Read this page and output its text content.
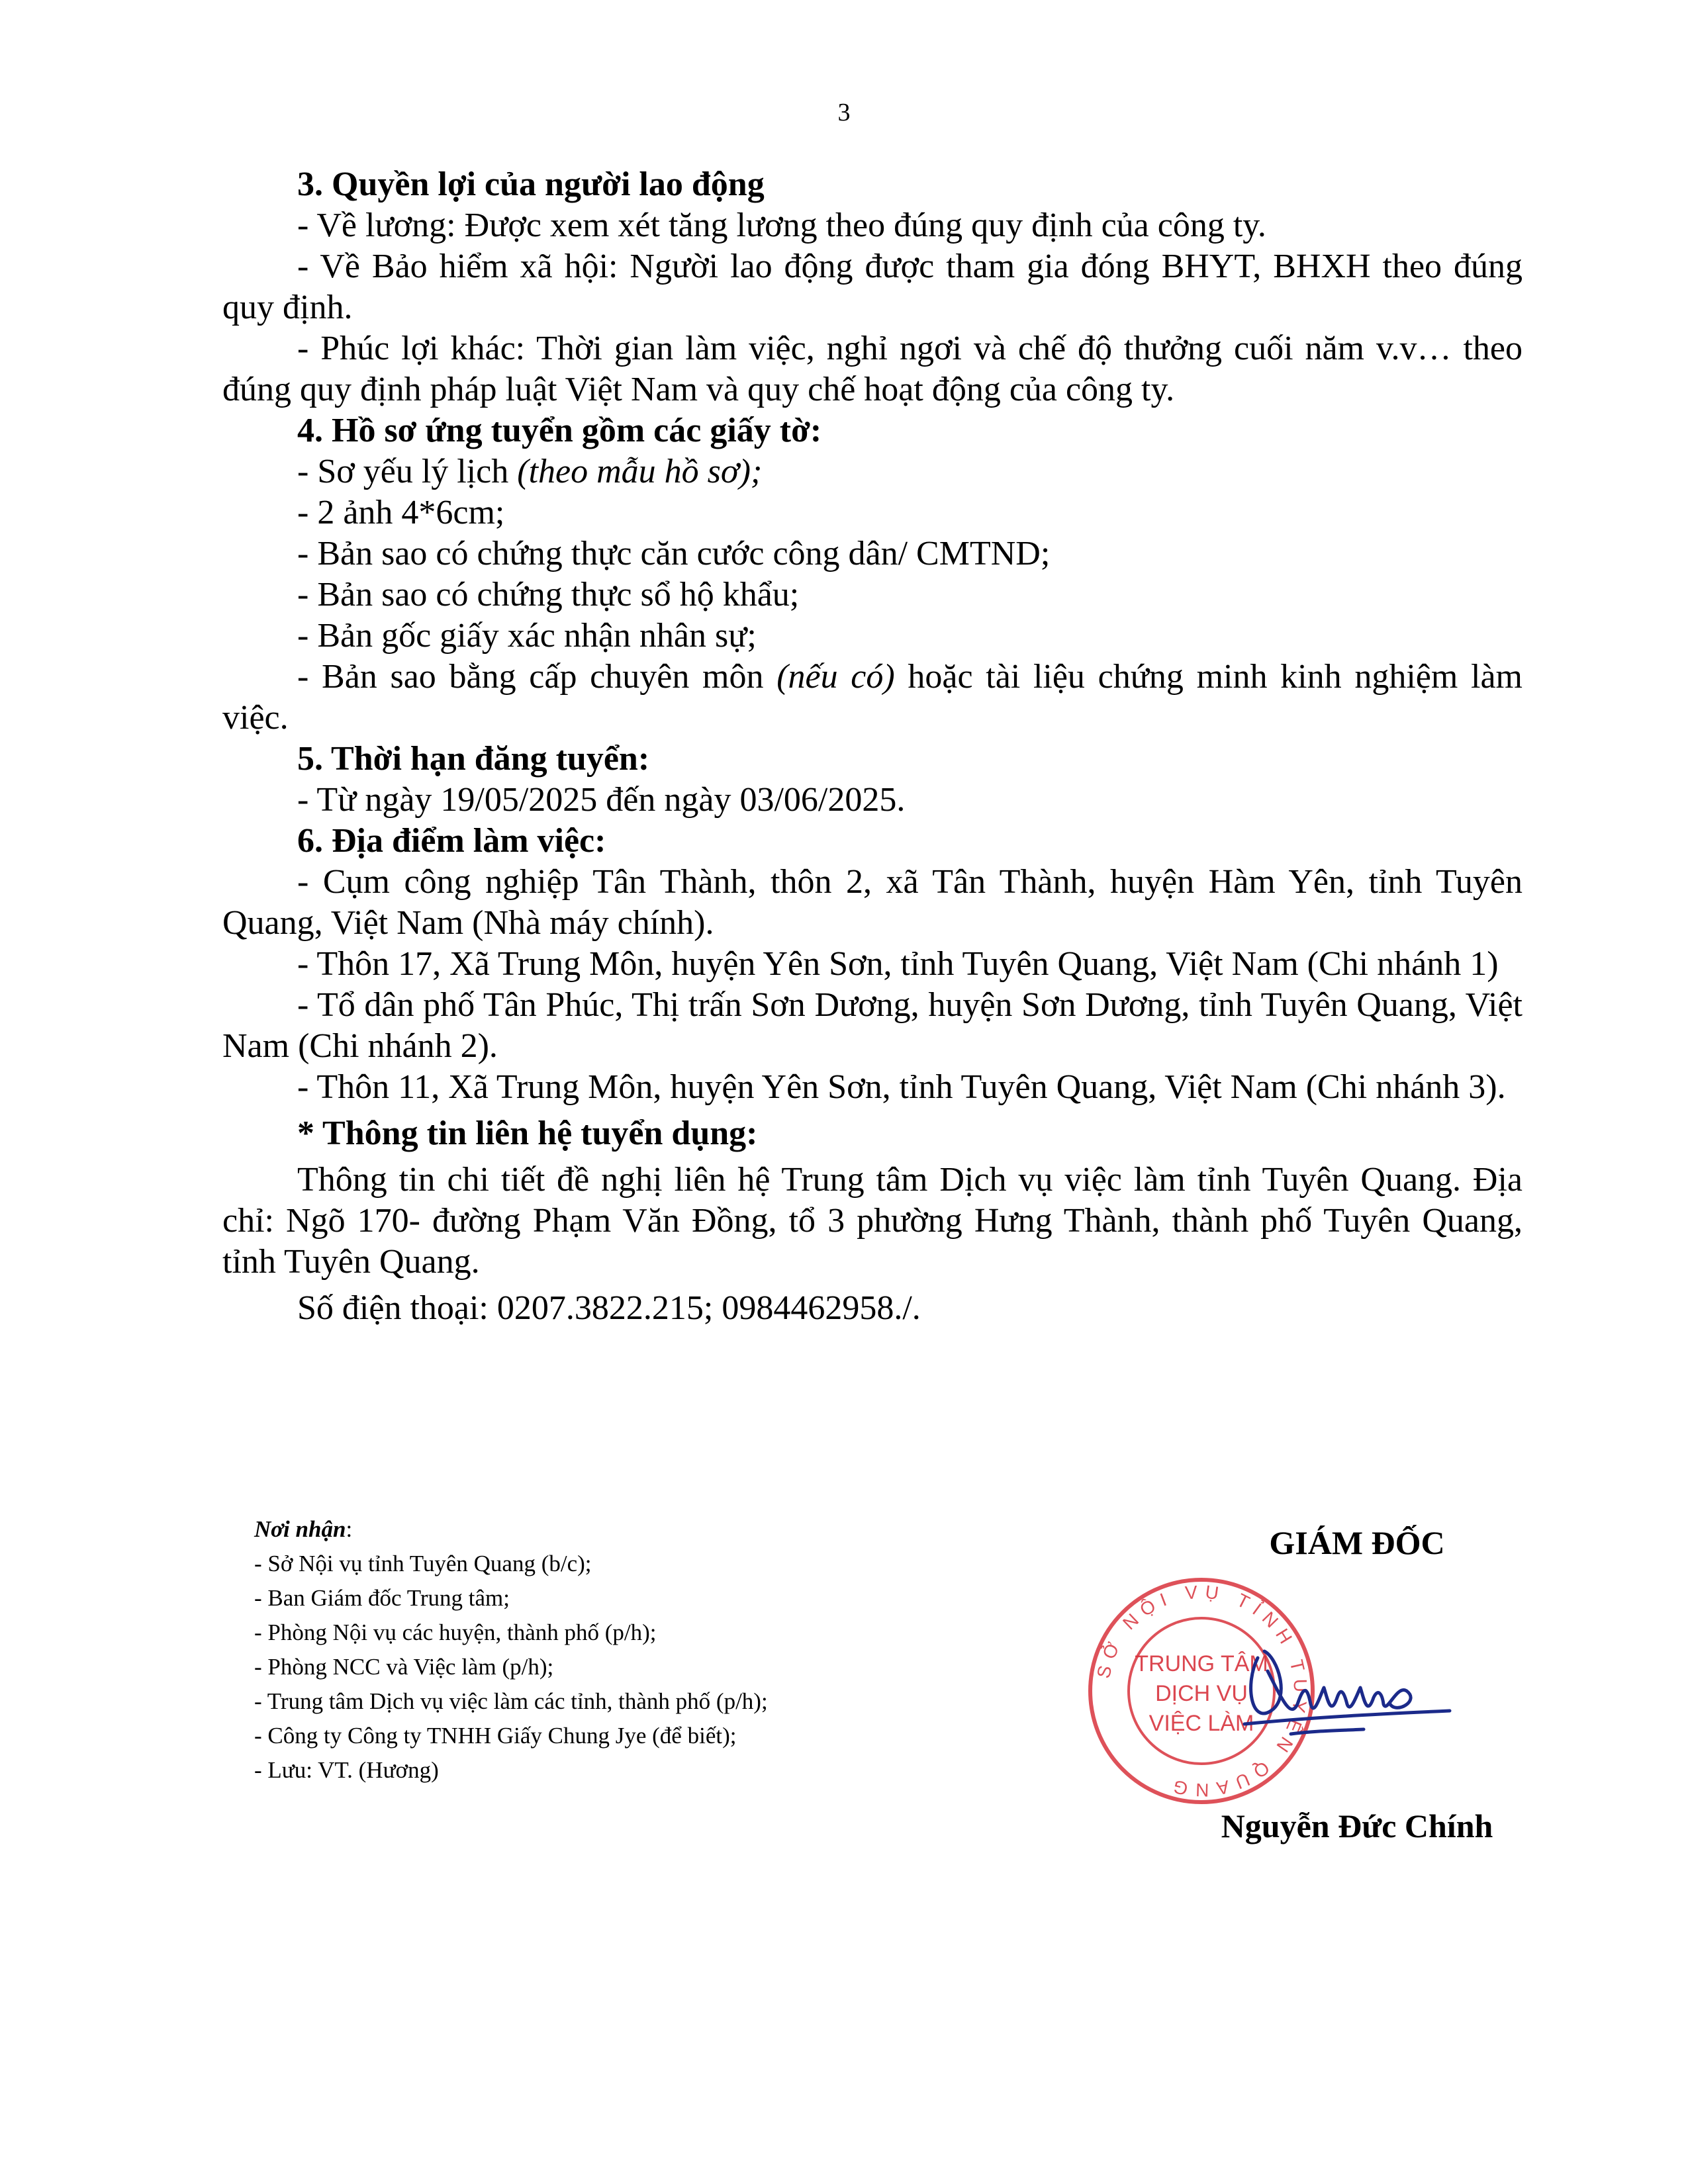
3

3. Quyền lợi của người lao động

- Về lương: Được xem xét tăng lương theo đúng quy định của công ty.

- Về Bảo hiểm xã hội: Người lao động được tham gia đóng BHYT, BHXH theo đúng quy định.

- Phúc lợi khác: Thời gian làm việc, nghỉ ngơi và chế độ thưởng cuối năm v.v… theo đúng quy định pháp luật Việt Nam và quy chế hoạt động của công ty.

4. Hồ sơ ứng tuyển gồm các giấy tờ:

- Sơ yếu lý lịch (theo mẫu hồ sơ);

- 2 ảnh 4*6cm;

- Bản sao có chứng thực căn cước công dân/ CMTND;

- Bản sao có chứng thực sổ hộ khẩu;

- Bản gốc giấy xác nhận nhân sự;

- Bản sao bằng cấp chuyên môn (nếu có) hoặc tài liệu chứng minh kinh nghiệm làm việc.

5. Thời hạn đăng tuyển:

- Từ ngày 19/05/2025 đến ngày 03/06/2025.

6. Địa điểm làm việc:

- Cụm công nghiệp Tân Thành, thôn 2, xã Tân Thành, huyện Hàm Yên, tỉnh Tuyên Quang, Việt Nam (Nhà máy chính).

- Thôn 17, Xã Trung Môn, huyện Yên Sơn, tỉnh Tuyên Quang, Việt Nam (Chi nhánh 1)

- Tổ dân phố Tân Phúc, Thị trấn Sơn Dương, huyện Sơn Dương, tỉnh Tuyên Quang, Việt Nam (Chi nhánh 2).

- Thôn 11, Xã Trung Môn, huyện Yên Sơn, tỉnh Tuyên Quang, Việt Nam (Chi nhánh 3).

* Thông tin liên hệ tuyển dụng:

Thông tin chi tiết đề nghị liên hệ Trung tâm Dịch vụ việc làm tỉnh Tuyên Quang. Địa chỉ: Ngõ 170- đường Phạm Văn Đồng, tổ 3 phường Hưng Thành, thành phố Tuyên Quang, tỉnh Tuyên Quang.

Số điện thoại: 0207.3822.215; 0984462958./.

Nơi nhận:
- Sở Nội vụ tỉnh Tuyên Quang (b/c);
- Ban Giám đốc Trung tâm;
- Phòng Nội vụ các huyện, thành phố (p/h);
- Phòng NCC và Việc làm (p/h);
- Trung tâm Dịch vụ việc làm các tỉnh, thành phố (p/h);
- Công ty Công ty TNHH Giấy Chung Jye (để biết);
- Lưu: VT. (Hương)
GIÁM ĐỐC
SỞ NỘI VỤ TỈNH TUYÊN QUANG
TRUNG TÂM
DỊCH VỤ
VIỆC LÀM
Nguyễn Đức Chính
